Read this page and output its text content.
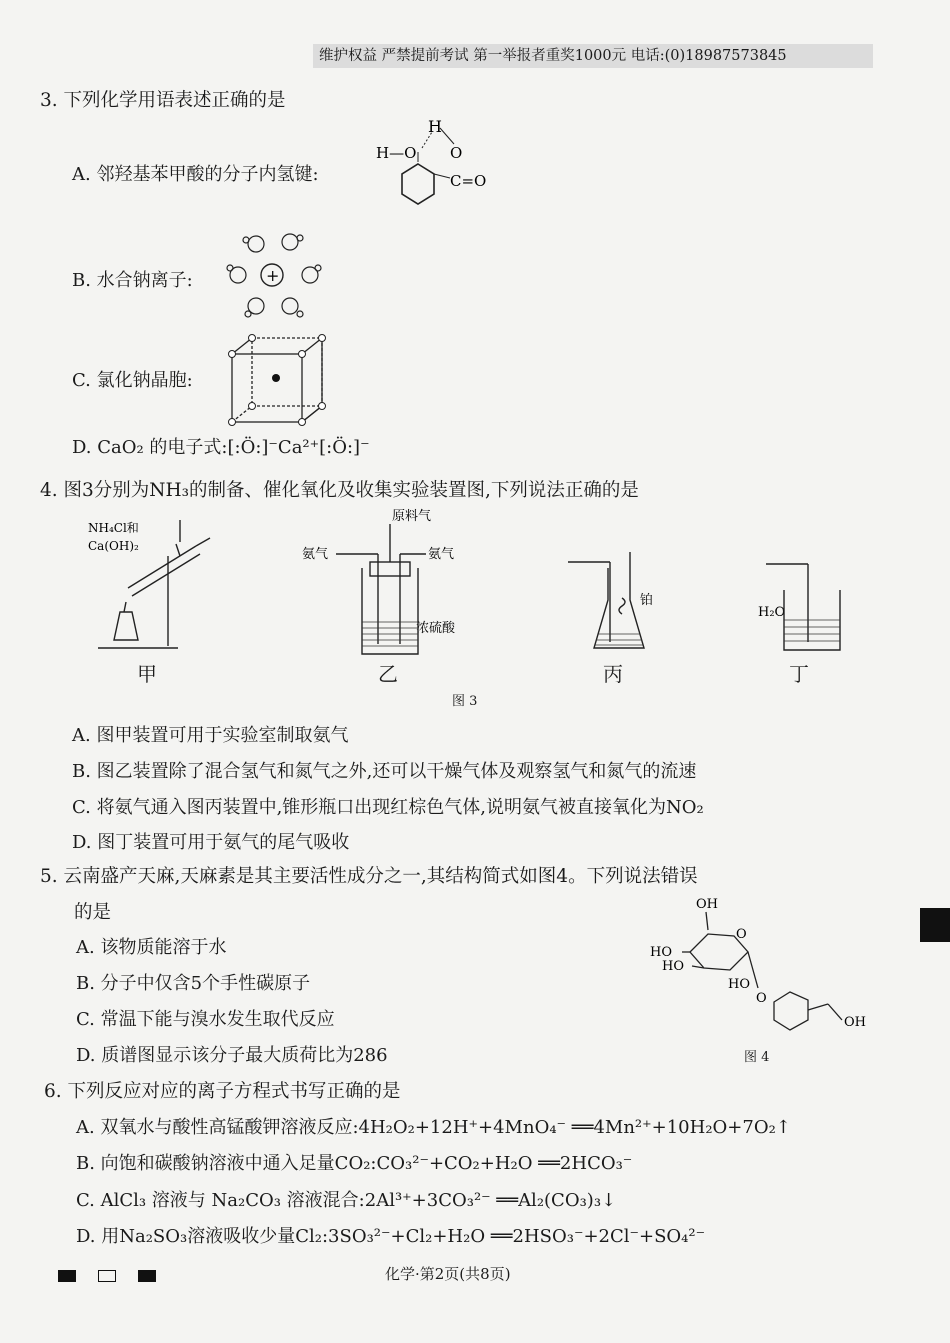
维护权益 严禁提前考试 第一举报者重奖1000元 电话:(0)18987573845
3. 下列化学用语表述正确的是
A. 邻羟基苯甲酸的分子内氢键:
H
H—O O
C=O
B. 水合钠离子:	+
C. 氯化钠晶胞:
D. CaO₂ 的电子式:[:Ö:]⁻Ca²⁺[:Ö:]⁻
4. 图3分别为NH₃的制备、催化氧化及收集实验装置图,下列说法正确的是
NH₄Cl和
Ca(OH)₂
甲
原料气
氨气	氨气
浓硫酸
乙
铂
丙
H₂O
丁
图 3
A. 图甲装置可用于实验室制取氨气
B. 图乙装置除了混合氢气和氮气之外,还可以干燥气体及观察氢气和氮气的流速
C. 将氨气通入图丙装置中,锥形瓶口出现红棕色气体,说明氨气被直接氧化为NO₂
D. 图丁装置可用于氨气的尾气吸收
5. 云南盛产天麻,天麻素是其主要活性成分之一,其结构简式如图4。下列说法错误
的是
A. 该物质能溶于水
B. 分子中仅含5个手性碳原子
C. 常温下能与溴水发生取代反应
D. 质谱图显示该分子最大质荷比为286
OH
HO
HO
HO
O
O
OH
图 4
6. 下列反应对应的离子方程式书写正确的是
A. 双氧水与酸性高锰酸钾溶液反应:4H₂O₂+12H⁺+4MnO₄⁻ ══4Mn²⁺+10H₂O+7O₂↑
B. 向饱和碳酸钠溶液中通入足量CO₂:CO₃²⁻+CO₂+H₂O ══2HCO₃⁻
C. AlCl₃ 溶液与 Na₂CO₃ 溶液混合:2Al³⁺+3CO₃²⁻ ══Al₂(CO₃)₃↓
D. 用Na₂SO₃溶液吸收少量Cl₂:3SO₃²⁻+Cl₂+H₂O ══2HSO₃⁻+2Cl⁻+SO₄²⁻
化学·第2页(共8页)
